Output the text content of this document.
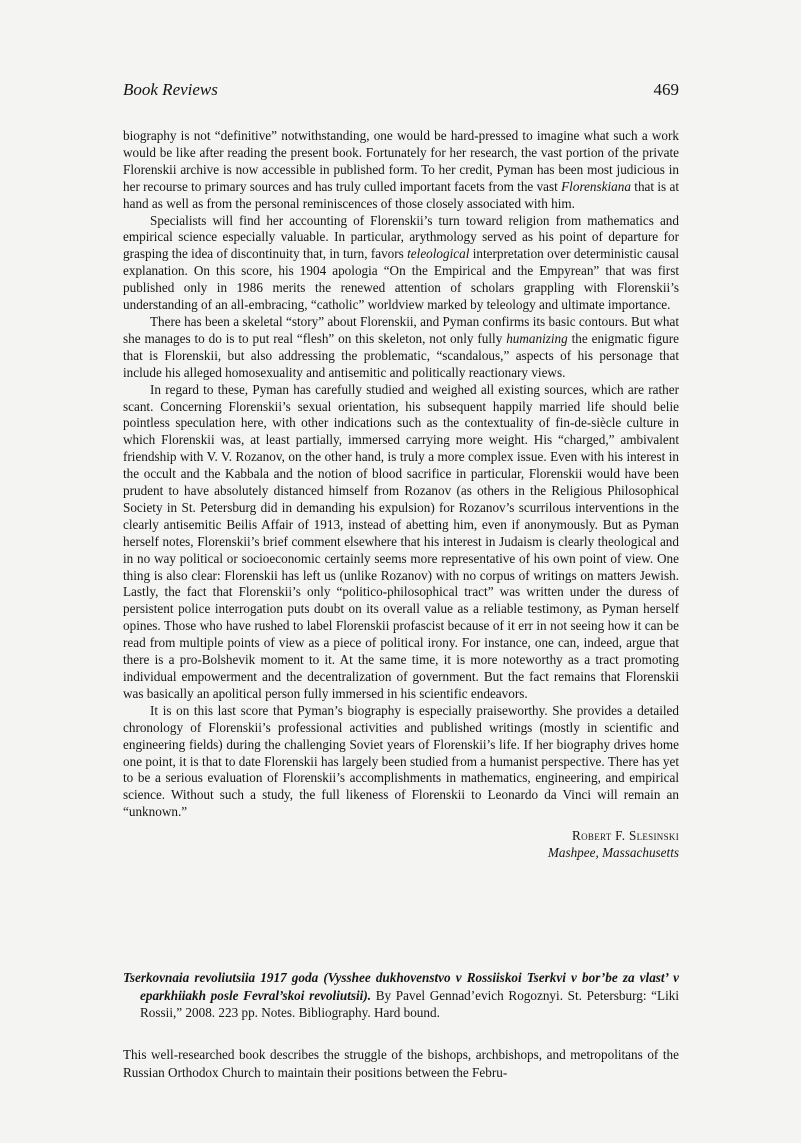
Book Reviews	469

biography is not “definitive” notwithstanding, one would be hard-pressed to imagine what such a work would be like after reading the present book. Fortunately for her research, the vast portion of the private Florenskii archive is now accessible in published form. To her credit, Pyman has been most judicious in her recourse to primary sources and has truly culled important facets from the vast Florenskiana that is at hand as well as from the personal reminiscences of those closely associated with him.

Specialists will find her accounting of Florenskii’s turn toward religion from mathematics and empirical science especially valuable. In particular, arythmology served as his point of departure for grasping the idea of discontinuity that, in turn, favors teleological interpretation over deterministic causal explanation. On this score, his 1904 apologia “On the Empirical and the Empyrean” that was first published only in 1986 merits the renewed attention of scholars grappling with Florenskii’s understanding of an all-embracing, “catholic” worldview marked by teleology and ultimate importance.

There has been a skeletal “story” about Florenskii, and Pyman confirms its basic contours. But what she manages to do is to put real “flesh” on this skeleton, not only fully humanizing the enigmatic figure that is Florenskii, but also addressing the problematic, “scandalous,” aspects of his personage that include his alleged homosexuality and antisemitic and politically reactionary views.

In regard to these, Pyman has carefully studied and weighed all existing sources, which are rather scant. Concerning Florenskii’s sexual orientation, his subsequent happily married life should belie pointless speculation here, with other indications such as the contextuality of fin-de-siècle culture in which Florenskii was, at least partially, immersed carrying more weight. His “charged,” ambivalent friendship with V. V. Rozanov, on the other hand, is truly a more complex issue. Even with his interest in the occult and the Kabbala and the notion of blood sacrifice in particular, Florenskii would have been prudent to have absolutely distanced himself from Rozanov (as others in the Religious Philosophical Society in St. Petersburg did in demanding his expulsion) for Rozanov’s scurrilous interventions in the clearly antisemitic Beilis Affair of 1913, instead of abetting him, even if anonymously. But as Pyman herself notes, Florenskii’s brief comment elsewhere that his interest in Judaism is clearly theological and in no way political or socioeconomic certainly seems more representative of his own point of view. One thing is also clear: Florenskii has left us (unlike Rozanov) with no corpus of writings on matters Jewish. Lastly, the fact that Florenskii’s only “politico-philosophical tract” was written under the duress of persistent police interrogation puts doubt on its overall value as a reliable testimony, as Pyman herself opines. Those who have rushed to label Florenskii profascist because of it err in not seeing how it can be read from multiple points of view as a piece of political irony. For instance, one can, indeed, argue that there is a pro-Bolshevik moment to it. At the same time, it is more noteworthy as a tract promoting individual empowerment and the decentralization of government. But the fact remains that Florenskii was basically an apolitical person fully immersed in his scientific endeavors.

It is on this last score that Pyman’s biography is especially praiseworthy. She provides a detailed chronology of Florenskii’s professional activities and published writings (mostly in scientific and engineering fields) during the challenging Soviet years of Florenskii’s life. If her biography drives home one point, it is that to date Florenskii has largely been studied from a humanist perspective. There has yet to be a serious evaluation of Florenskii’s accomplishments in mathematics, engineering, and empirical science. Without such a study, the full likeness of Florenskii to Leonardo da Vinci will remain an “unknown.”

Robert F. Slesinski
Mashpee, Massachusetts
Tserkovnaia revoliutsiia 1917 goda (Vysshee dukhovenstvo v Rossiiskoi Tserkvi v bor’be za vlast’ v eparkhiiakh posle Fevral’skoi revoliutsii). By Pavel Gennad’evich Rogoznyi. St. Petersburg: “Liki Rossii,” 2008. 223 pp. Notes. Bibliography. Hard bound.
This well-researched book describes the struggle of the bishops, archbishops, and metropolitans of the Russian Orthodox Church to maintain their positions between the Febru-
